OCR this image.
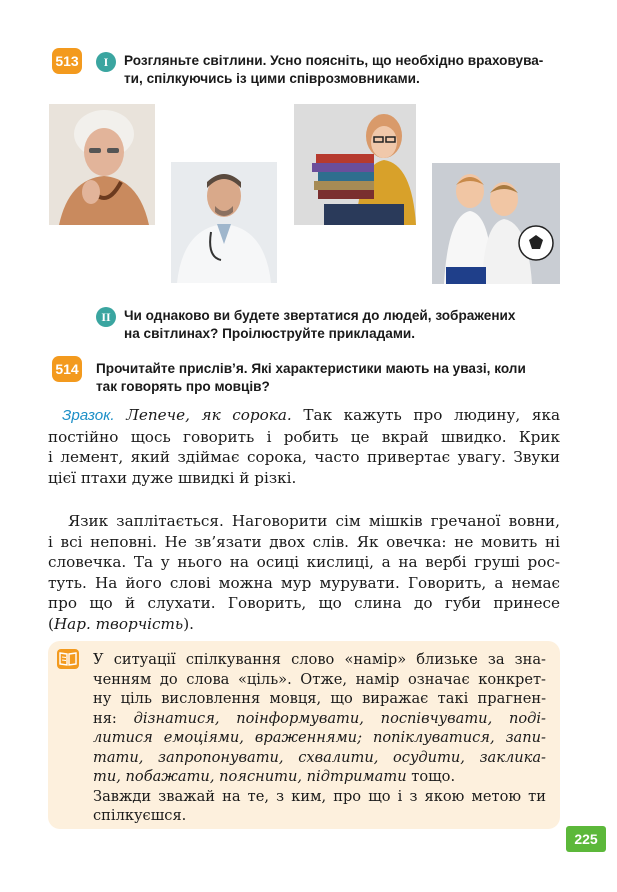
513	I	Розгляньте світлини. Усно поясніть, що необхідно враховува-
ти, спілкуючись із цими співрозмовниками.
II Чи однаково ви будете звертатися до людей, зображених
на світлинах? Проілюструйте прикладами.
514 Прочитайте прислів’я. Які характеристики мають на увазі, коли
так говорять про мовців?
Зразок. Лепече, як сорока. Так кажуть про людину, яка
постійно щось говорить і робить це вкрай швидко. Крик
і лемент, який здіймає сорока, часто привертає увагу. Звуки
цієї птахи дуже швидкі й різкі.
Язик заплітається. Наговорити сім мішків гречаної вовни,
і всі неповні. Не зв’язати двох слів. Як овечка: не мовить ні
словечка. Та у нього на осиці кислиці, а на вербі груші рос-
туть. На його слові можна мур мурувати. Говорить, а немає
про що й слухати. Говорить, що слина до губи принесе
(Нар. творчість).
У ситуації спілкування слово «намір» близьке за зна-
ченням до слова «ціль». Отже, намір означає конкрет-
ну ціль висловлення мовця, що виражає такі прагнен-
ня: дізнатися, поінформувати, поспівчувати, поді-
литися емоціями, враженнями; попіклуватися, запи-
тати, запропонувати, схвалити, осудити, заклика-
ти, побажати, пояснити, підтримати тощо.
Завжди зважай на те, з ким, про що і з якою метою ти
спілкуєшся.
225
